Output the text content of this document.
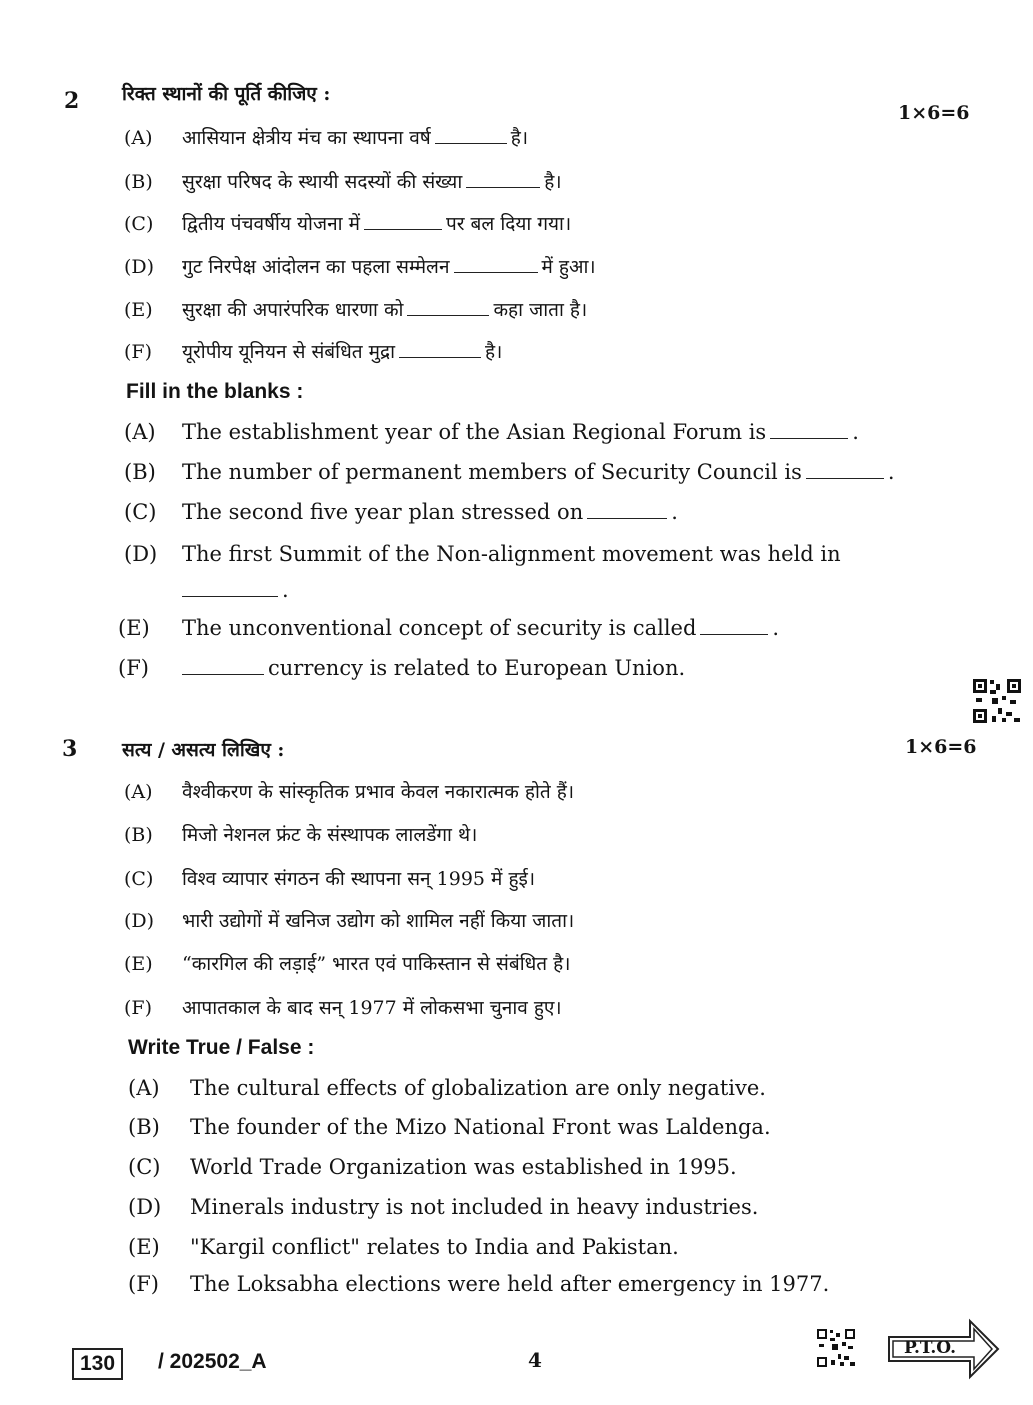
2 रिक्त स्थानों की पूर्ति कीजिए :
1×6=6
(A) आसियान क्षेत्रीय मंच का स्थापना वर्ष	है।
(B) सुरक्षा परिषद के स्थायी सदस्यों की संख्या	है।
(C) द्वितीय पंचवर्षीय योजना में	पर बल दिया गया।
(D) गुट निरपेक्ष आंदोलन का पहला सम्मेलन	में हुआ।
(E) सुरक्षा की अपारंपरिक धारणा को	कहा जाता है।
(F) यूरोपीय यूनियन से संबंधित मुद्रा	है।
Fill in the blanks :
(A) The establishment year of the Asian Regional Forum is	.
(B) The number of permanent members of Security Council is	.
(C) The second five year plan stressed on	.
(D) The first Summit of the Non-alignment movement was held in
.
(E) The unconventional concept of security is called	.
(F)	currency is related to European Union.
3 सत्य / असत्य लिखिए :	1×6=6
(A) वैश्वीकरण के सांस्कृतिक प्रभाव केवल नकारात्मक होते हैं।
(B) मिजो नेशनल फ्रंट के संस्थापक लालडेंगा थे।
(C) विश्व व्यापार संगठन की स्थापना सन् 1995 में हुई।
(D) भारी उद्योगों में खनिज उद्योग को शामिल नहीं किया जाता।
(E) “कारगिल की लड़ाई” भारत एवं पाकिस्तान से संबंधित है।
(F) आपातकाल के बाद सन् 1977 में लोकसभा चुनाव हुए।
Write True / False :
(A) The cultural effects of globalization are only negative.
(B) The founder of the Mizo National Front was Laldenga.
(C) World Trade Organization was established in 1995.
(D) Minerals industry is not included in heavy industries.
(E) "Kargil conflict" relates to India and Pakistan.
(F) The Loksabha elections were held after emergency in 1977.
130	/ 202502_A	4	P.T.O.
